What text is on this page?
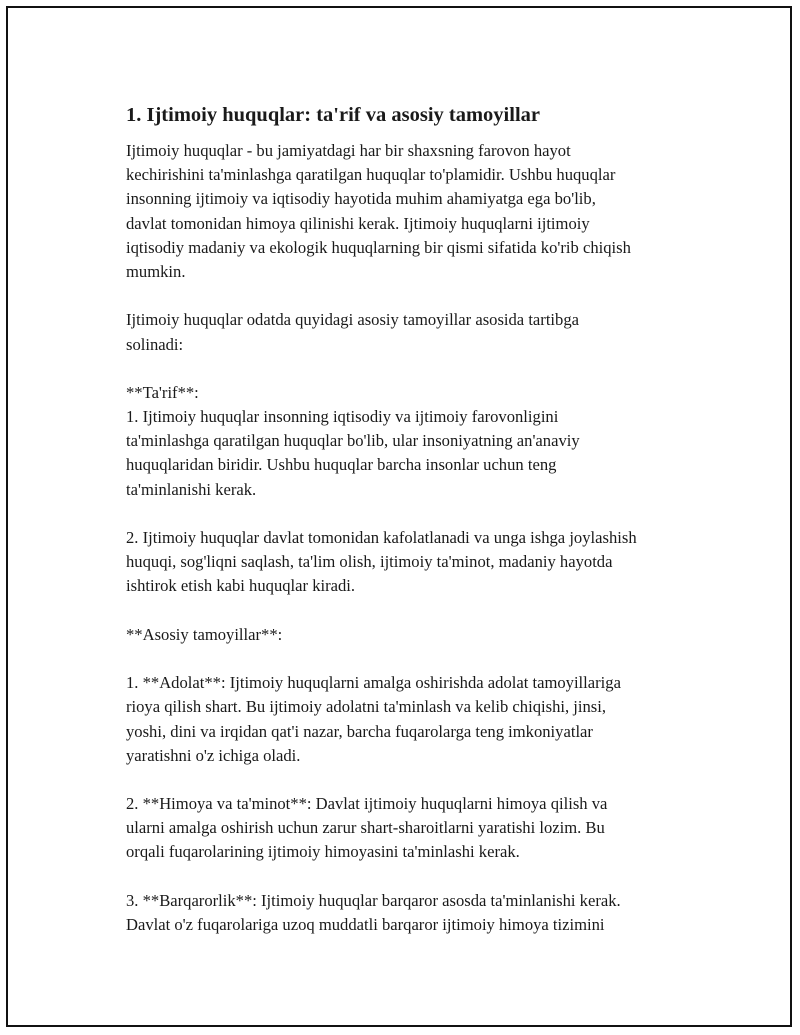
1. Ijtimoiy huquqlar: ta'rif va asosiy tamoyillar
Ijtimoiy huquqlar - bu jamiyatdagi har bir shaxsning farovon hayot
kechirishini ta'minlashga qaratilgan huquqlar to'plamidir. Ushbu huquqlar
insonning ijtimoiy va iqtisodiy hayotida muhim ahamiyatga ega bo'lib,
davlat tomonidan himoya qilinishi kerak. Ijtimoiy huquqlarni ijtimoiy
iqtisodiy madaniy va ekologik huquqlarning bir qismi sifatida ko'rib chiqish
mumkin.
Ijtimoiy huquqlar odatda quyidagi asosiy tamoyillar asosida tartibga
solinadi:
**Ta'rif**:
1. Ijtimoiy huquqlar insonning iqtisodiy va ijtimoiy farovonligini
ta'minlashga qaratilgan huquqlar bo'lib, ular insoniyatning an'anaviy
huquqlaridan biridir. Ushbu huquqlar barcha insonlar uchun teng
ta'minlanishi kerak.
2. Ijtimoiy huquqlar davlat tomonidan kafolatlanadi va unga ishga joylashish
huquqi, sog'liqni saqlash, ta'lim olish, ijtimoiy ta'minot, madaniy hayotda
ishtirok etish kabi huquqlar kiradi.
**Asosiy tamoyillar**:
1. **Adolat**: Ijtimoiy huquqlarni amalga oshirishda adolat tamoyillariga
rioya qilish shart. Bu ijtimoiy adolatni ta'minlash va kelib chiqishi, jinsi,
yoshi, dini va irqidan qat'i nazar, barcha fuqarolarga teng imkoniyatlar
yaratishni o'z ichiga oladi.
2. **Himoya va ta'minot**: Davlat ijtimoiy huquqlarni himoya qilish va
ularni amalga oshirish uchun zarur shart-sharoitlarni yaratishi lozim. Bu
orqali fuqarolarining ijtimoiy himoyasini ta'minlashi kerak.
3. **Barqarorlik**: Ijtimoiy huquqlar barqaror asosda ta'minlanishi kerak.
Davlat o'z fuqarolariga uzoq muddatli barqaror ijtimoiy himoya tizimini
